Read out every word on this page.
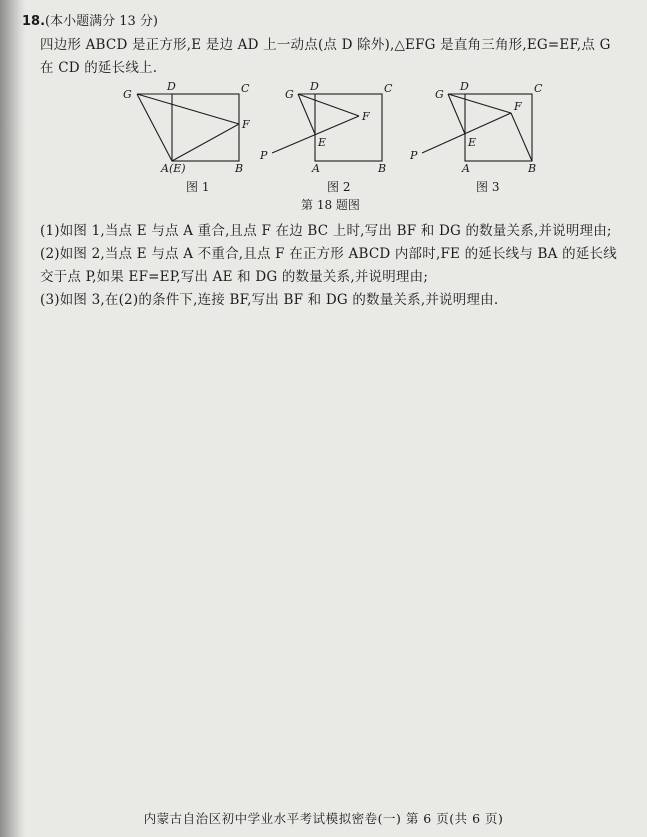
18.(本小题满分 13 分)
四边形 ABCD 是正方形,E 是边 AD 上一动点(点 D 除外),△EFG 是直角三角形,EG=EF,点 G
在 CD 的延长线上.
G
D	C
F
A(E)	B
G
D	C
F
E
P
A	B
G
D	C
F
E
P
A	B
图 1	图 2	图 3
第 18 题图
(1)如图 1,当点 E 与点 A 重合,且点 F 在边 BC 上时,写出 BF 和 DG 的数量关系,并说明理由;
(2)如图 2,当点 E 与点 A 不重合,且点 F 在正方形 ABCD 内部时,FE 的延长线与 BA 的延长线
交于点 P,如果 EF=EP,写出 AE 和 DG 的数量关系,并说明理由;
(3)如图 3,在(2)的条件下,连接 BF,写出 BF 和 DG 的数量关系,并说明理由.
内蒙古自治区初中学业水平考试模拟密卷(一) 第 6 页(共 6 页)
